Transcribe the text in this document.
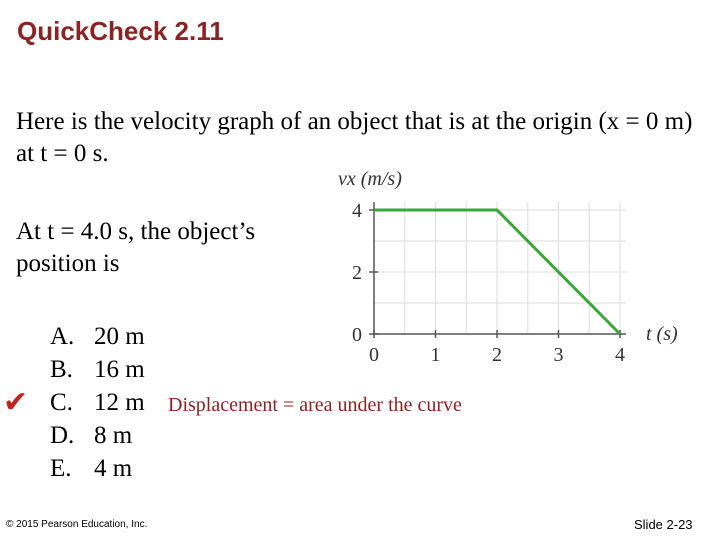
QuickCheck 2.11
Here is the velocity graph of an object that is at the origin (x = 0 m) at t = 0 s.
At t = 4.0 s, the object’s position is
A. 20 m
B. 16 m
C. 12 m
D. 8 m
E. 4 m
✔	Displacement = area under the curve
0	1	2	3	4
0
2
4
vx (m/s)
t (s)
© 2015 Pearson Education, Inc.	Slide 2-23
